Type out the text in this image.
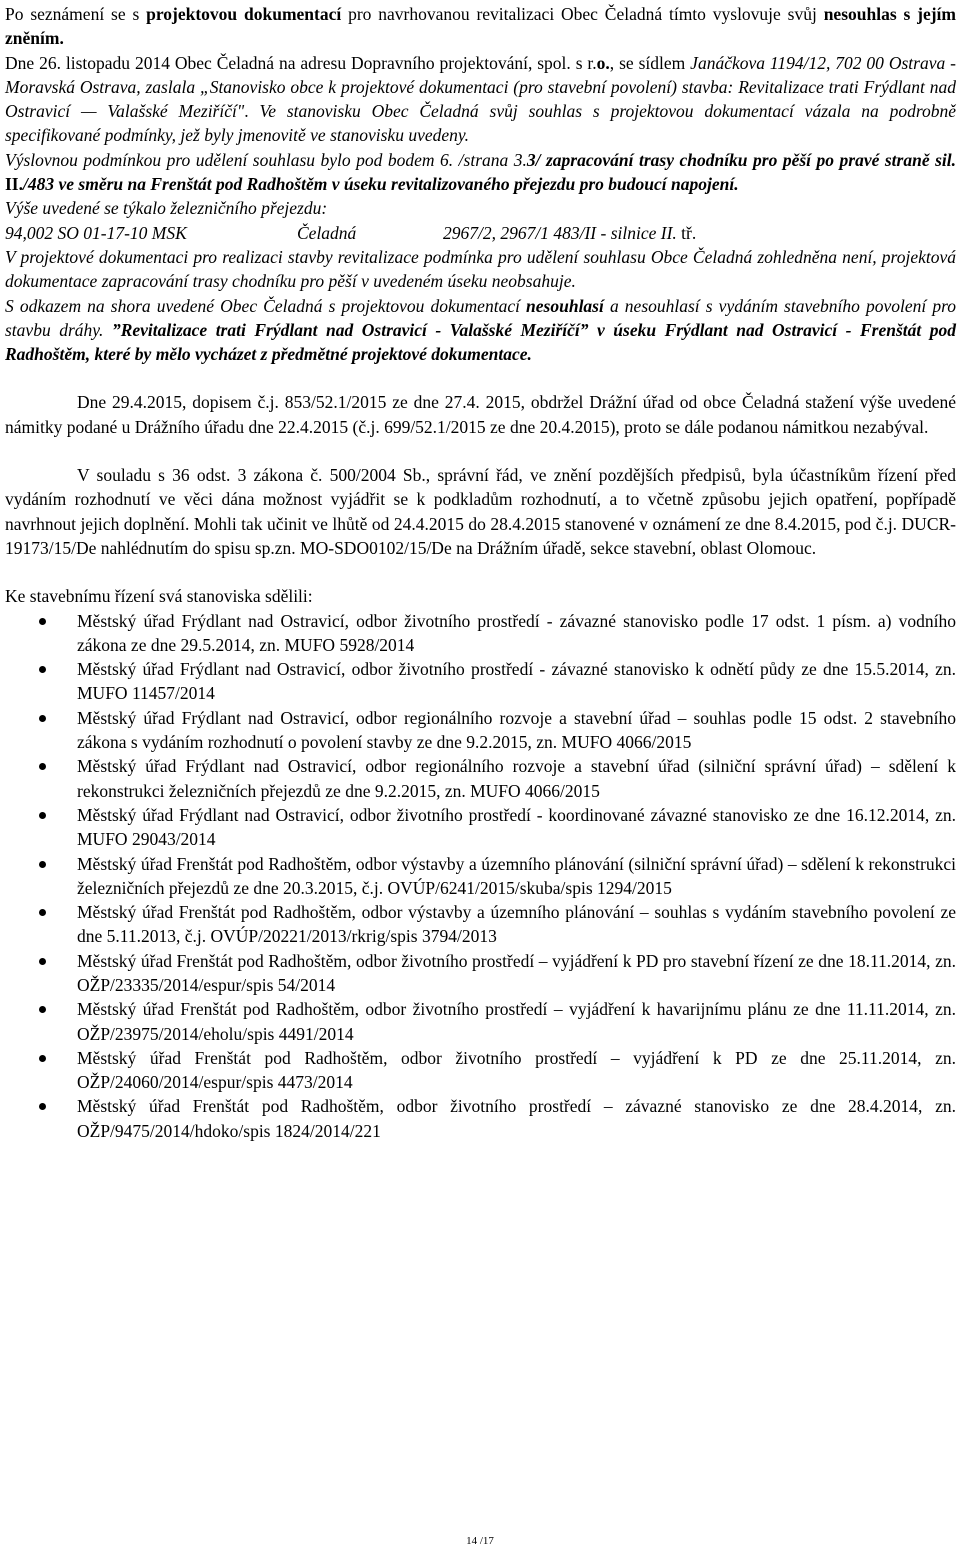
Po seznámení se s projektovou dokumentací pro navrhovanou revitalizaci Obec Čeladná tímto vyslovuje svůj nesouhlas s jejím zněním.

Dne 26. listopadu 2014 Obec Čeladná na adresu Dopravního projektování, spol. s r.o., se sídlem Janáčkova 1194/12, 702 00 Ostrava - Moravská Ostrava, zaslala „Stanovisko obce k projektové dokumentaci (pro stavební povolení) stavba: Revitalizace trati Frýdlant nad Ostravicí — Valašské Meziříčí". Ve stanovisku Obec Čeladná svůj souhlas s projektovou dokumentací vázala na podrobně specifikované podmínky, jež byly jmenovitě ve stanovisku uvedeny.

Výslovnou podmínkou pro udělení souhlasu bylo pod bodem 6. /strana 3.3/ zapracování trasy chodníku pro pěší po pravé straně sil. II./483 ve směru na Frenštát pod Radhoštěm v úseku revitalizovaného přejezdu pro budoucí napojení.

Výše uvedené se týkalo železničního přejezdu:

94,002 SO 01-17-10 MSK	Čeladná	2967/2, 2967/1 483/II - silnice II. tř.

V projektové dokumentaci pro realizaci stavby revitalizace podmínka pro udělení souhlasu Obce Čeladná zohledněna není, projektová dokumentace zapracování trasy chodníku pro pěší v uvedeném úseku neobsahuje.

S odkazem na shora uvedené Obec Čeladná s projektovou dokumentací nesouhlasí a nesouhlasí s vydáním stavebního povolení pro stavbu dráhy. ”Revitalizace trati Frýdlant nad Ostravicí - Valašské Meziříčí” v úseku Frýdlant nad Ostravicí - Frenštát pod Radhoštěm, které by mělo vycházet z předmětné projektové dokumentace.

Dne 29.4.2015, dopisem č.j. 853/52.1/2015 ze dne 27.4. 2015, obdržel Drážní úřad od obce Čeladná stažení výše uvedené námitky podané u Drážního úřadu dne 22.4.2015 (č.j. 699/52.1/2015 ze dne 20.4.2015), proto se dále podanou námitkou nezabýval.

V souladu s 36 odst. 3 zákona č. 500/2004 Sb., správní řád, ve znění pozdějších předpisů, byla účastníkům řízení před vydáním rozhodnutí ve věci dána možnost vyjádřit se k podkladům rozhodnutí, a to včetně způsobu jejich opatření, popřípadě navrhnout jejich doplnění. Mohli tak učinit ve lhůtě od 24.4.2015 do 28.4.2015 stanovené v oznámení ze dne 8.4.2015, pod č.j. DUCR-19173/15/De nahlédnutím do spisu sp.zn. MO-SDO0102/15/De na Drážním úřadě, sekce stavební, oblast Olomouc.

Ke stavebnímu řízení svá stanoviska sdělili:

Městský úřad Frýdlant nad Ostravicí, odbor životního prostředí - závazné stanovisko podle 17 odst. 1 písm. a) vodního zákona ze dne 29.5.2014, zn. MUFO 5928/2014
Městský úřad Frýdlant nad Ostravicí, odbor životního prostředí - závazné stanovisko k odnětí půdy ze dne 15.5.2014, zn. MUFO 11457/2014
Městský úřad Frýdlant nad Ostravicí, odbor regionálního rozvoje a stavební úřad – souhlas podle 15 odst. 2 stavebního zákona s vydáním rozhodnutí o povolení stavby ze dne 9.2.2015, zn. MUFO 4066/2015
Městský úřad Frýdlant nad Ostravicí, odbor regionálního rozvoje a stavební úřad (silniční správní úřad) – sdělení k rekonstrukci železničních přejezdů ze dne 9.2.2015, zn. MUFO 4066/2015
Městský úřad Frýdlant nad Ostravicí, odbor životního prostředí - koordinované závazné stanovisko ze dne 16.12.2014, zn. MUFO 29043/2014
Městský úřad Frenštát pod Radhoštěm, odbor výstavby a územního plánování (silniční správní úřad) – sdělení k rekonstrukci železničních přejezdů ze dne 20.3.2015, č.j. OVÚP/6241/2015/skuba/spis 1294/2015
Městský úřad Frenštát pod Radhoštěm, odbor výstavby a územního plánování – souhlas s vydáním stavebního povolení ze dne 5.11.2013, č.j. OVÚP/20221/2013/rkrig/spis 3794/2013
Městský úřad Frenštát pod Radhoštěm, odbor životního prostředí – vyjádření k PD pro stavební řízení ze dne 18.11.2014, zn. OŽP/23335/2014/espur/spis 54/2014
Městský úřad Frenštát pod Radhoštěm, odbor životního prostředí – vyjádření k havarijnímu plánu ze dne 11.11.2014, zn. OŽP/23975/2014/eholu/spis 4491/2014
Městský úřad Frenštát pod Radhoštěm, odbor životního prostředí – vyjádření k PD ze dne 25.11.2014, zn. OŽP/24060/2014/espur/spis 4473/2014
Městský úřad Frenštát pod Radhoštěm, odbor životního prostředí – závazné stanovisko ze dne 28.4.2014, zn. OŽP/9475/2014/hdoko/spis 1824/2014/221
14 /17
